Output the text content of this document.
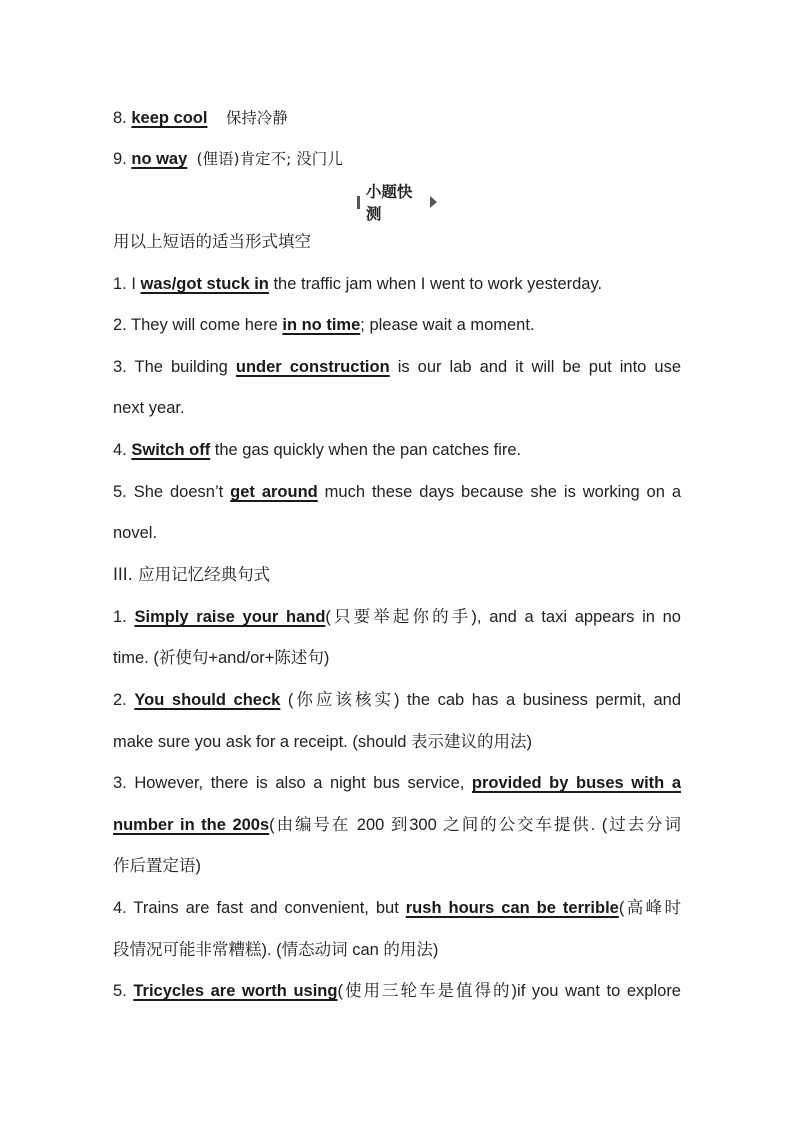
8. keep cool 保持冷静

9. no way (俚语)肯定不; 没门儿

小题快测

用以上短语的适当形式填空

1. I was/got stuck in the traffic jam when I went to work yesterday.

2. They will come here in no time; please wait a moment.

3. The building under construction is our lab and it will be put into use

next year.

4. Switch off the gas quickly when the pan catches fire.

5. She doesn’t get around much these days because she is working on a

novel.

III. 应用记忆经典句式

1. Simply raise your hand(只要举起你的手), and a taxi appears in no

time. (祈使句+and/or+陈述句)

2. You should check (你应该核实) the cab has a business permit, and

make sure you ask for a receipt. (should 表示建议的用法)

3. However, there is also a night bus service, provided by buses with a

number in the 200s(由编号在 200 到300 之间的公交车提供. (过去分词

作后置定语)

4. Trains are fast and convenient, but rush hours can be terrible(高峰时

段情况可能非常糟糕). (情态动词 can 的用法)

5. Tricycles are worth using(使用三轮车是值得的)if you want to explore
